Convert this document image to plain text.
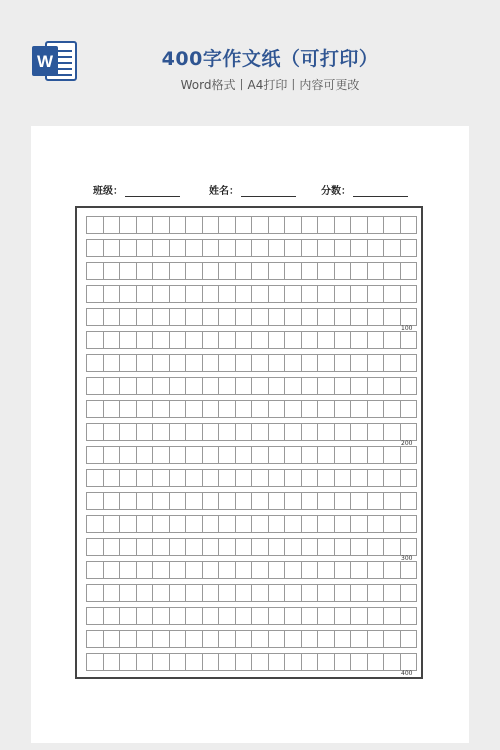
W	400字作文纸（可打印）
Word格式丨A4打印丨内容可更改
班级：	姓名：	分数：
100
200
300
400
